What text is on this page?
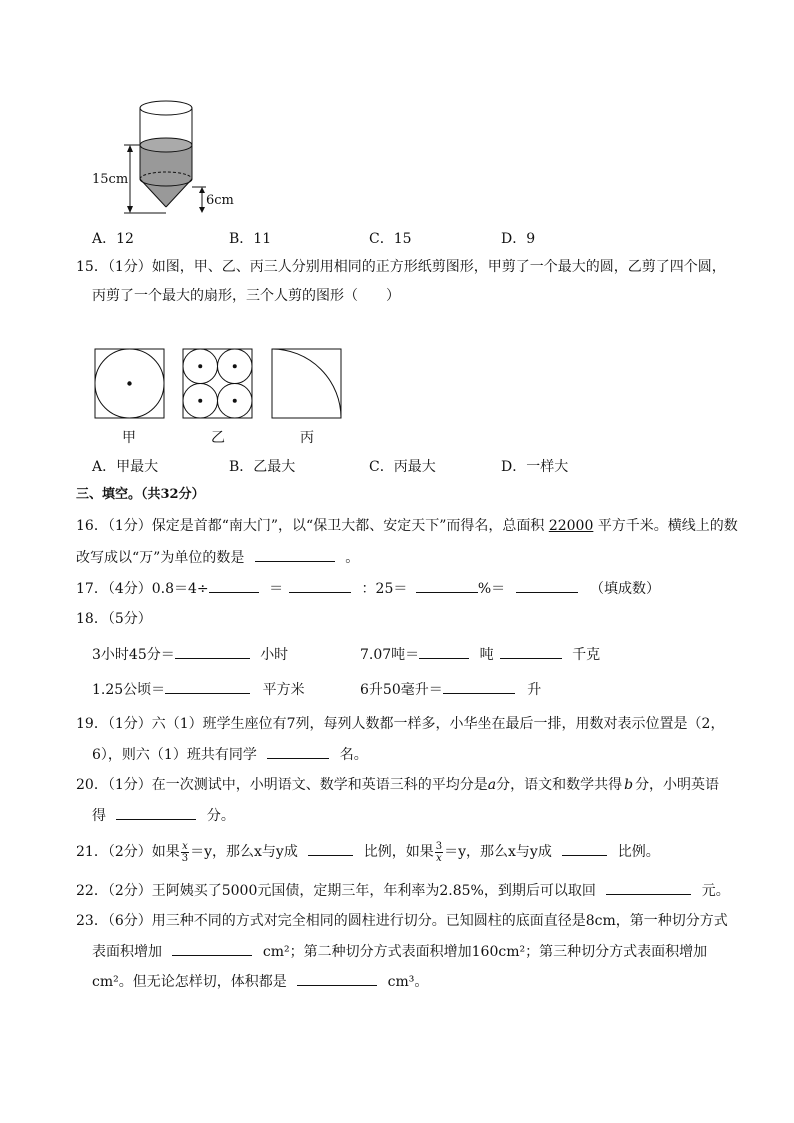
15cm
6cm
A．12	B．11	C．15	D．9
15．（1分）如图，甲、乙、丙三人分别用相同的正方形纸剪图形，甲剪了一个最大的圆，乙剪了四个圆，
丙剪了一个最大的扇形，三个人剪的图形（　　）
甲	乙	丙
A．甲最大	B．乙最大	C．丙最大	D．一样大
三、填空。（共32分）
16．（1分）保定是首都“南大门”，以“保卫大都、安定天下”而得名，总面积 22000 平方千米。横线上的数
改写成以“万”为单位的数是	。
17．（4分）0.8＝4÷	＝	：25＝	%＝	（填成数）
18．（5分）
3小时45分＝	小时	7.07吨＝	吨	千克
1.25公顷＝	平方米	6升50毫升＝	升
19．（1分）六（1）班学生座位有7列，每列人数都一样多，小华坐在最后一排，用数对表示位置是（2，
6），则六（1）班共有同学	名。
20．（1分）在一次测试中，小明语文、数学和英语三科的平均分是a分，语文和数学共得 b 分，小明英语
得	分。
21．（2分）如果 $\frac{x}{3} =y$，那么x与y成	比例，如果 $\frac{3}{x} =y$，那么x与y成	比例。
22．（2分）王阿姨买了5000元国债，定期三年，年利率为2.85%，到期后可以取回	元。
23．（6分）用三种不同的方式对完全相同的圆柱进行切分。已知圆柱的底面直径是8cm，第一种切分方式
表面积增加	cm²；第二种切分方式表面积增加160cm²；第三种切分方式表面积增加
cm²。但无论怎样切，体积都是	cm³。
